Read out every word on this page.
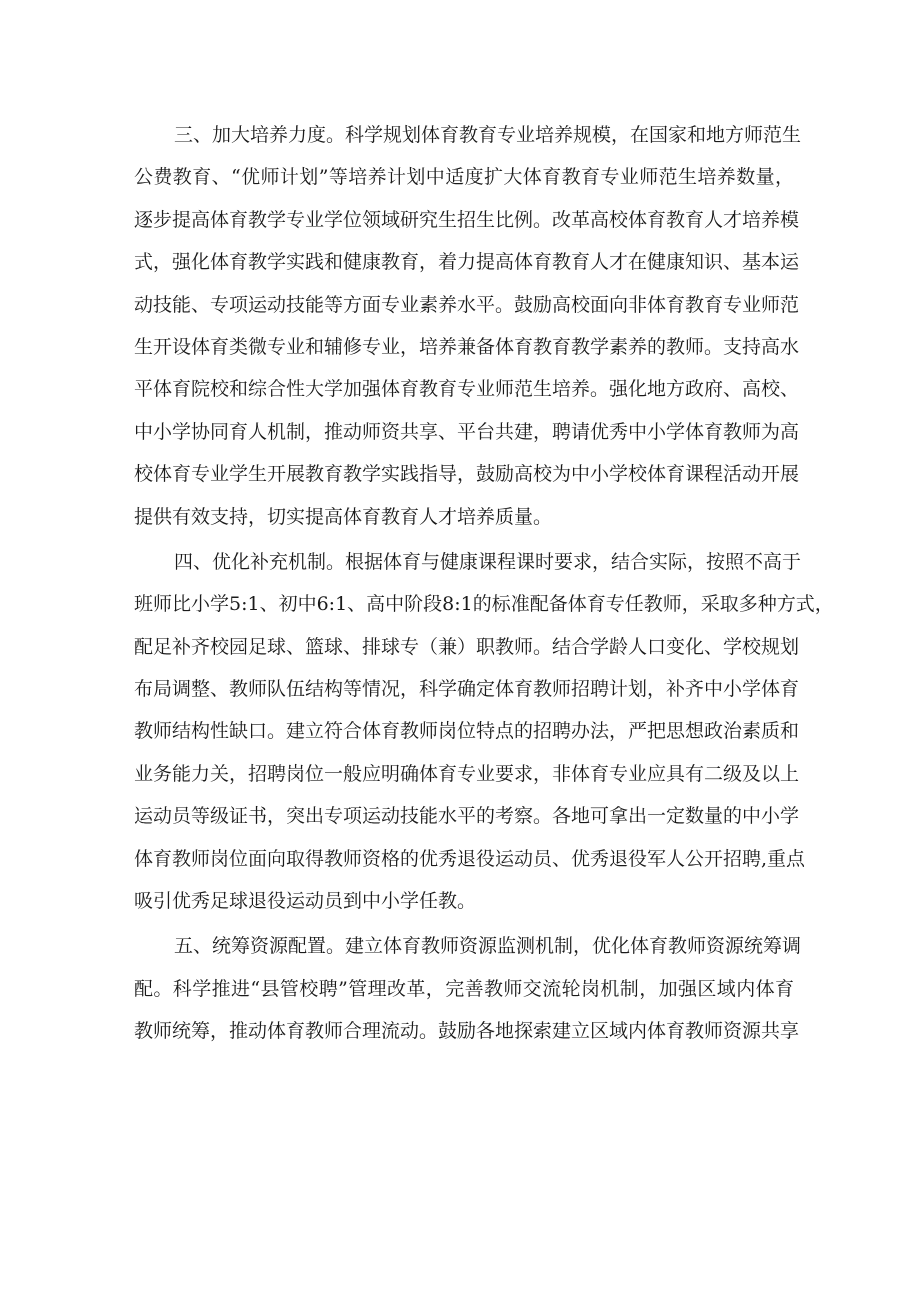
三、加大培养力度。科学规划体育教育专业培养规模，在国家和地方师范生
公费教育、“优师计划”等培养计划中适度扩大体育教育专业师范生培养数量，
逐步提高体育教学专业学位领域研究生招生比例。改革高校体育教育人才培养模
式，强化体育教学实践和健康教育，着力提高体育教育人才在健康知识、基本运
动技能、专项运动技能等方面专业素养水平。鼓励高校面向非体育教育专业师范
生开设体育类微专业和辅修专业，培养兼备体育教育教学素养的教师。支持高水
平体育院校和综合性大学加强体育教育专业师范生培养。强化地方政府、高校、
中小学协同育人机制，推动师资共享、平台共建，聘请优秀中小学体育教师为高
校体育专业学生开展教育教学实践指导，鼓励高校为中小学校体育课程活动开展
提供有效支持，切实提高体育教育人才培养质量。
四、优化补充机制。根据体育与健康课程课时要求，结合实际，按照不高于
班师比小学5:1、初中6:1、高中阶段8:1的标准配备体育专任教师，采取多种方式，
配足补齐校园足球、篮球、排球专（兼）职教师。结合学龄人口变化、学校规划
布局调整、教师队伍结构等情况，科学确定体育教师招聘计划，补齐中小学体育
教师结构性缺口。建立符合体育教师岗位特点的招聘办法，严把思想政治素质和
业务能力关，招聘岗位一般应明确体育专业要求，非体育专业应具有二级及以上
运动员等级证书，突出专项运动技能水平的考察。各地可拿出一定数量的中小学
体育教师岗位面向取得教师资格的优秀退役运动员、优秀退役军人公开招聘,重点
吸引优秀足球退役运动员到中小学任教。
五、统筹资源配置。建立体育教师资源监测机制，优化体育教师资源统筹调
配。科学推进“县管校聘”管理改革，完善教师交流轮岗机制，加强区域内体育
教师统筹，推动体育教师合理流动。鼓励各地探索建立区域内体育教师资源共享
